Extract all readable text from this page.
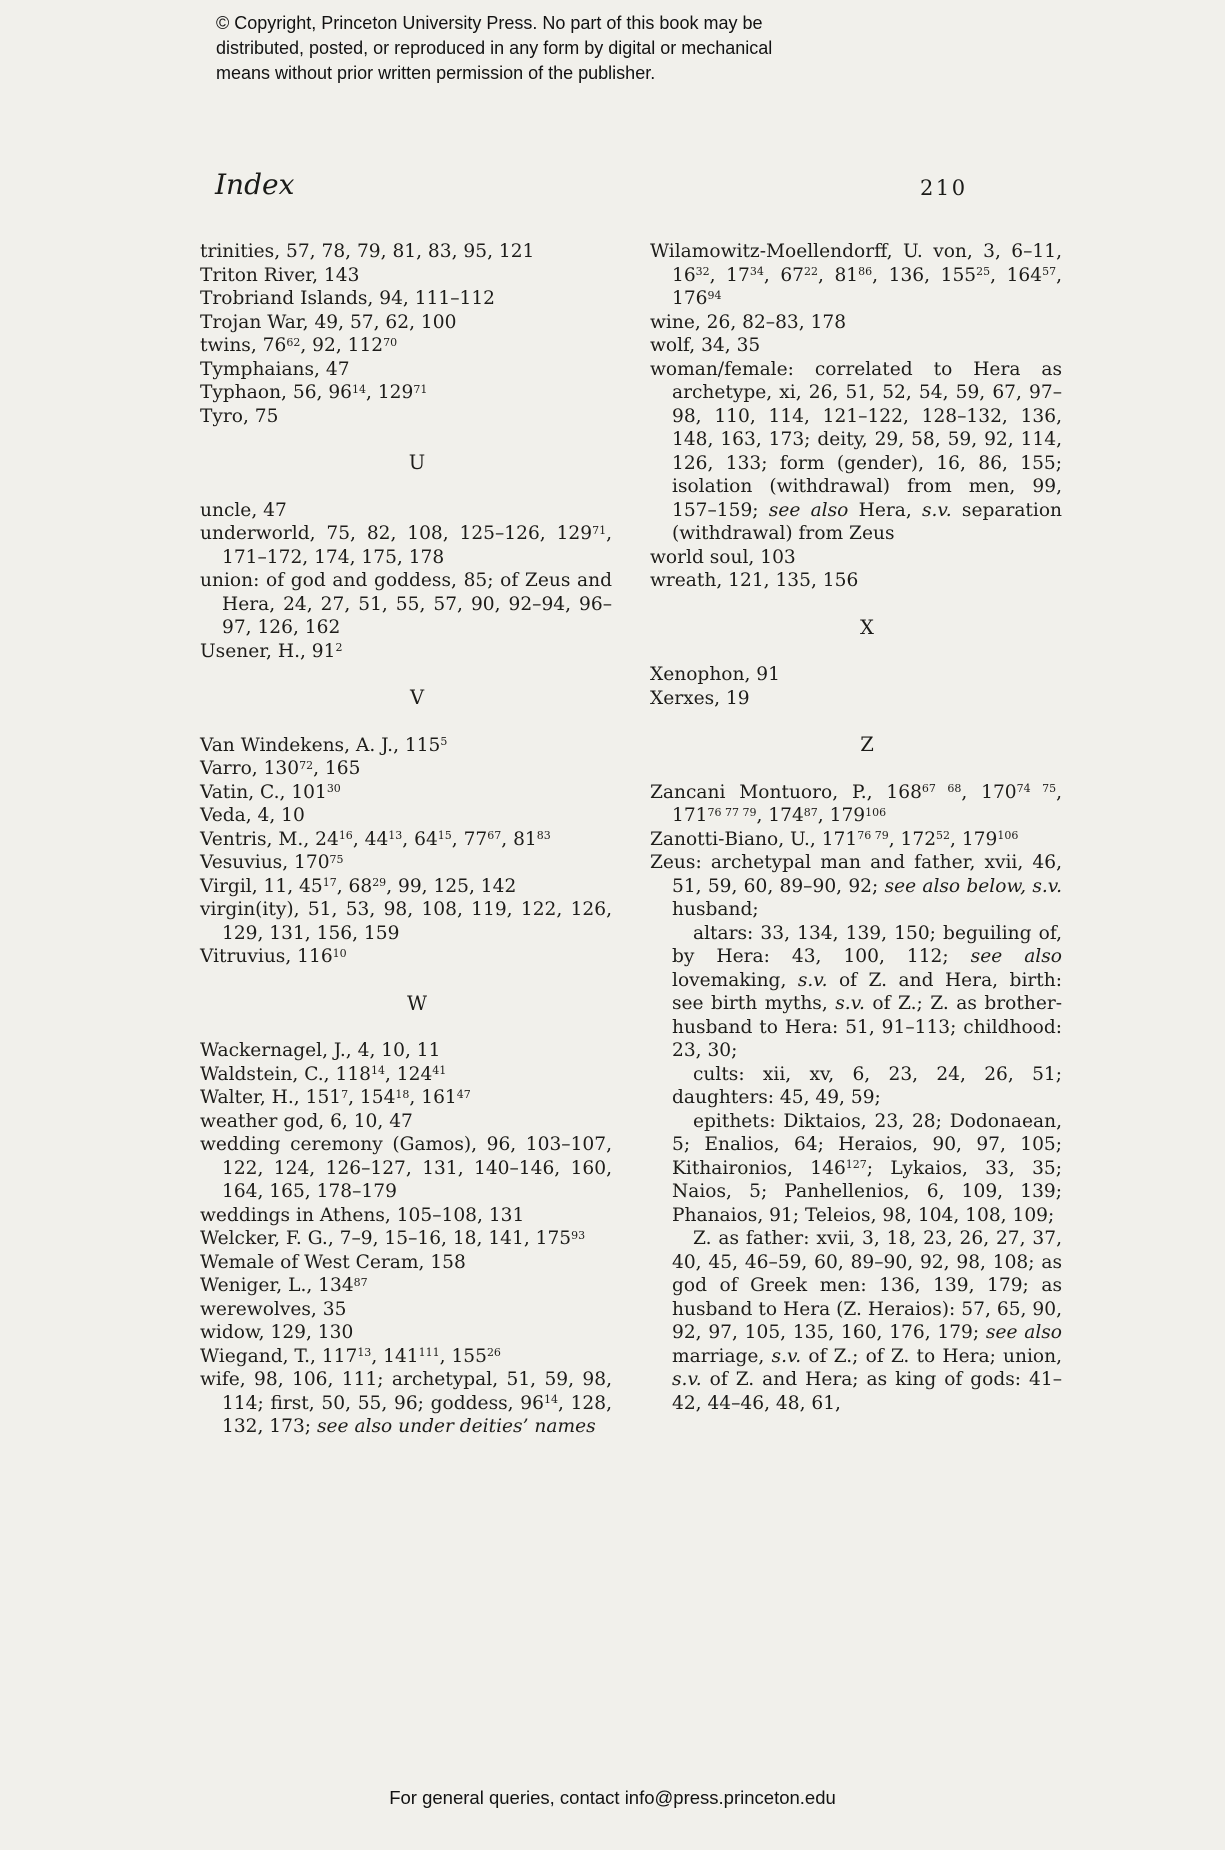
© Copyright, Princeton University Press. No part of this book may be
distributed, posted, or reproduced in any form by digital or mechanical
means without prior written permission of the publisher.
Index	210

trinities, 57, 78, 79, 81, 83, 95, 121

Triton River, 143

Trobriand Islands, 94, 111–112

Trojan War, 49, 57, 62, 100

twins, 76$^{62}$, 92, 112$^{70}$

Tymphaians, 47

Typhaon, 56, 96$^{14}$, 129$^{71}$

Tyro, 75

U

uncle, 47

underworld, 75, 82, 108, 125–126, 129$^{71}$, 171–172, 174, 175, 178

union: of god and goddess, 85; of Zeus and Hera, 24, 27, 51, 55, 57, 90, 92–94, 96–97, 126, 162

Usener, H., 91$^2$

V

Van Windekens, A. J., 115$^5$

Varro, 130$^{72}$, 165

Vatin, C., 101$^{30}$

Veda, 4, 10

Ventris, M., 24$^{16}$, 44$^{13}$, 64$^{15}$, 77$^{67}$, 81$^{83}$

Vesuvius, 170$^{75}$

Virgil, 11, 45$^{17}$, 68$^{29}$, 99, 125, 142

virgin(ity), 51, 53, 98, 108, 119, 122, 126, 129, 131, 156, 159

Vitruvius, 116$^{10}$

W

Wackernagel, J., 4, 10, 11

Waldstein, C., 118$^{14}$, 124$^{41}$

Walter, H., 151$^7$, 154$^{18}$, 161$^{47}$

weather god, 6, 10, 47

wedding ceremony (Gamos), 96, 103–107, 122, 124, 126–127, 131, 140–146, 160, 164, 165, 178–179

weddings in Athens, 105–108, 131

Welcker, F. G., 7–9, 15–16, 18, 141, 175$^{93}$

Wemale of West Ceram, 158

Weniger, L., 134$^{87}$

werewolves, 35

widow, 129, 130

Wiegand, T., 117$^{13}$, 141$^{111}$, 155$^{26}$

wife, 98, 106, 111; archetypal, 51, 59, 98, 114; first, 50, 55, 96; goddess, 96$^{14}$, 128, 132, 173; see also under deities’ names

Wilamowitz-Moellendorff, U. von, 3, 6–11, 16$^{32}$, 17$^{34}$, 67$^{22}$, 81$^{86}$, 136, 155$^{25}$, 164$^{57}$, 176$^{94}$

wine, 26, 82–83, 178

wolf, 34, 35

woman/female: correlated to Hera as archetype, xi, 26, 51, 52, 54, 59, 67, 97–98, 110, 114, 121–122, 128–132, 136, 148, 163, 173; deity, 29, 58, 59, 92, 114, 126, 133; form (gender), 16, 86, 155; isolation (withdrawal) from men, 99, 157–159; see also Hera, s.v. separation (withdrawal) from Zeus

world soul, 103

wreath, 121, 135, 156

X

Xenophon, 91

Xerxes, 19

Z

Zancani Montuoro, P., 168$^{67 68}$, 170$^{74 75}$, 171$^{76 77 79}$, 174$^{87}$, 179$^{106}$

Zanotti-Biano, U., 171$^{76 79}$, 172$^{52}$, 179$^{106}$

Zeus: archetypal man and father, xvii, 46, 51, 59, 60, 89–90, 92; see also below, s.v. husband;

altars: 33, 134, 139, 150; beguiling of, by Hera: 43, 100, 112; see also lovemaking, s.v. of Z. and Hera, birth: see birth myths, s.v. of Z.; Z. as brother-husband to Hera: 51, 91–113; childhood: 23, 30;

cults: xii, xv, 6, 23, 24, 26, 51; daughters: 45, 49, 59;

epithets: Diktaios, 23, 28; Dodonaean, 5; Enalios, 64; Heraios, 90, 97, 105; Kithaironios, 146$^{127}$; Lykaios, 33, 35; Naios, 5; Panhellenios, 6, 109, 139; Phanaios, 91; Teleios, 98, 104, 108, 109;

Z. as father: xvii, 3, 18, 23, 26, 27, 37, 40, 45, 46–59, 60, 89–90, 92, 98, 108; as god of Greek men: 136, 139, 179; as husband to Hera (Z. Heraios): 57, 65, 90, 92, 97, 105, 135, 160, 176, 179; see also marriage, s.v. of Z.; of Z. to Hera; union, s.v. of Z. and Hera; as king of gods: 41–42, 44–46, 48, 61,

For general queries, contact info@press.princeton.edu
